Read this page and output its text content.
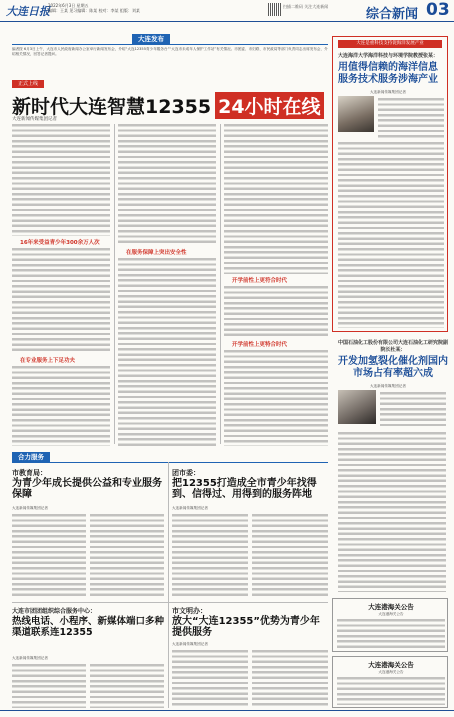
大连日报
2022年6月3日 星期五
编辑：王某 见习编辑：陈某 校对：李某 组版：刘某
扫描二维码 关注大连新闻
综合新闻 03
大连发布
编者按 6月3日上午，大连市人民政府新闻办公室举行新闻发布会，介绍“大连12355青少年服务台”“大连市未成年人保护工作站”有关情况。市团委、市妇联、市民政局等部门负责同志出席发布会，介绍相关情况，回答记者提问。
正式上线
新时代大连智慧12355 24小时在线
大连新闻传媒集团记者
16年来受益青少年300余万人次
在专业服务上下足功夫
在服务保障上突出安全性
开学前性上更符合时代
开学前性上更特合时代
大连是重科技支持促海洋发展产业
大连海洋大学海洋科技与环境学院教授张某：
用值得信赖的海洋信息服务技术服务涉海产业
大连新闻传媒集团记者
中国石油化工股份有限公司大连石油化工研究院副院长杜某：
开发加氢裂化催化剂国内市场占有率超六成
大连新闻传媒集团记者
大连港海关公告
大连港海关公告
大连港海关公告
大连港海关公告
合力服务
市教育局：
为青少年成长提供公益和专业服务保障
大连新闻传媒集团记者
团市委：
把12355打造成全市青少年找得到、信得过、用得到的服务阵地
大连新闻传媒集团记者
大连市团团组织综合服务中心：
热线电话、小程序、新媒体端口多种渠道联系连12355
大连新闻传媒集团记者
市文明办：
放大“大连12355”优势为青少年提供服务
大连新闻传媒集团记者
